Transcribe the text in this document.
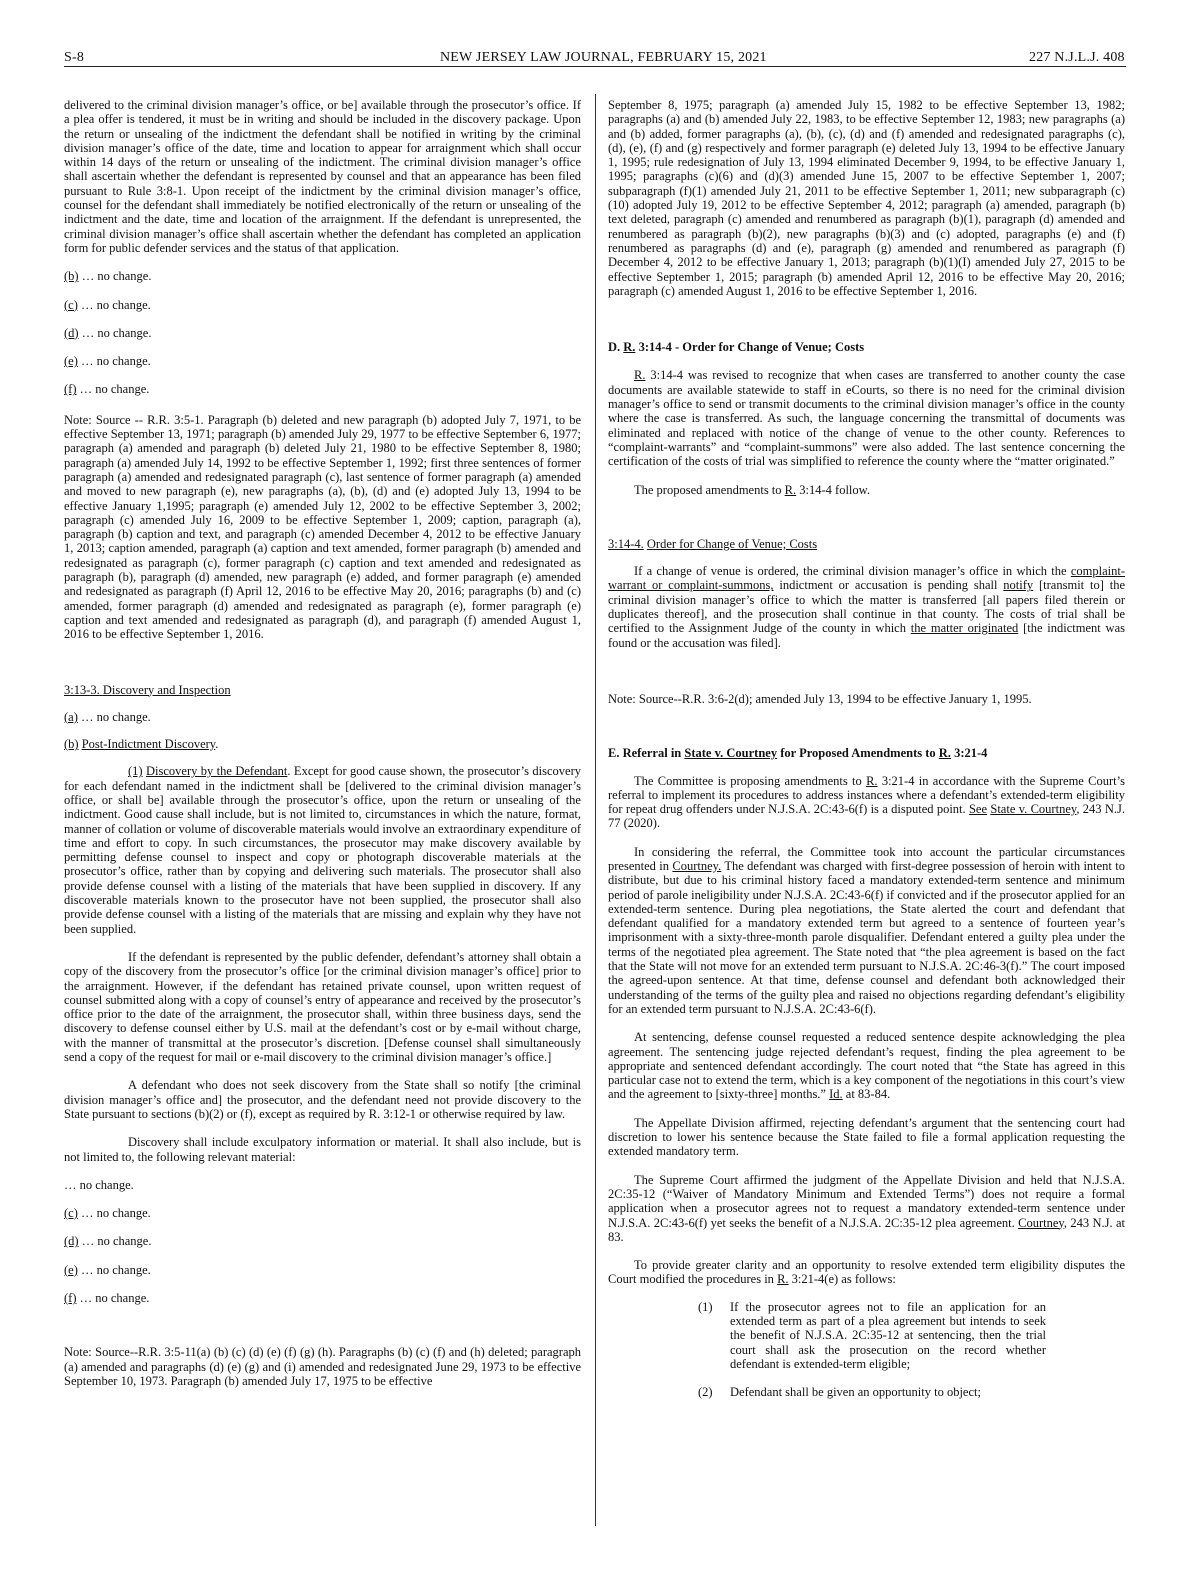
S-8	NEW JERSEY LAW JOURNAL, FEBRUARY 15, 2021	227 N.J.L.J. 408

delivered to the criminal division manager’s office, or be] available through the prosecutor’s office. If a plea offer is tendered, it must be in writing and should be included in the discovery package. Upon the return or unsealing of the indictment the defendant shall be notified in writing by the criminal division manager’s office of the date, time and location to appear for arraignment which shall occur within 14 days of the return or unsealing of the indictment. The criminal division manager’s office shall ascertain whether the defendant is represented by counsel and that an appearance has been filed pursuant to Rule 3:8-1. Upon receipt of the indictment by the criminal division manager’s office, counsel for the defendant shall immediately be notified electronically of the return or unsealing of the indictment and the date, time and location of the arraignment. If the defendant is unrepresented, the criminal division manager’s office shall ascertain whether the defendant has completed an application form for public defender services and the status of that application.

(b) … no change.

(c) … no change.

(d) … no change.

(e) … no change.

(f) … no change.

Note: Source -- R.R. 3:5-1. Paragraph (b) deleted and new paragraph (b) adopted July 7, 1971, to be effective September 13, 1971; paragraph (b) amended July 29, 1977 to be effective September 6, 1977; paragraph (a) amended and paragraph (b) deleted July 21, 1980 to be effective September 8, 1980; paragraph (a) amended July 14, 1992 to be effective September 1, 1992; first three sentences of former paragraph (a) amended and redesignated paragraph (c), last sentence of former paragraph (a) amended and moved to new paragraph (e), new paragraphs (a), (b), (d) and (e) adopted July 13, 1994 to be effective January 1,1995; paragraph (e) amended July 12, 2002 to be effective September 3, 2002; paragraph (c) amended July 16, 2009 to be effective September 1, 2009; caption, paragraph (a), paragraph (b) caption and text, and paragraph (c) amended December 4, 2012 to be effective January 1, 2013; caption amended, paragraph (a) caption and text amended, former paragraph (b) amended and redesignated as paragraph (c), former paragraph (c) caption and text amended and redesignated as paragraph (b), paragraph (d) amended, new paragraph (e) added, and former paragraph (e) amended and redesignated as paragraph (f) April 12, 2016 to be effective May 20, 2016; paragraphs (b) and (c) amended, former paragraph (d) amended and redesignated as paragraph (e), former paragraph (e) caption and text amended and redesignated as paragraph (d), and paragraph (f) amended August 1, 2016 to be effective September 1, 2016.

3:13-3. Discovery and Inspection

(a) … no change.

(b) Post-Indictment Discovery.

(1) Discovery by the Defendant. Except for good cause shown, the prosecutor’s discovery for each defendant named in the indictment shall be [delivered to the criminal division manager’s office, or shall be] available through the prosecutor’s office, upon the return or unsealing of the indictment. Good cause shall include, but is not limited to, circumstances in which the nature, format, manner of collation or volume of discoverable materials would involve an extraordinary expenditure of time and effort to copy. In such circumstances, the prosecutor may make discovery available by permitting defense counsel to inspect and copy or photograph discoverable materials at the prosecutor’s office, rather than by copying and delivering such materials. The prosecutor shall also provide defense counsel with a listing of the materials that have been supplied in discovery. If any discoverable materials known to the prosecutor have not been supplied, the prosecutor shall also provide defense counsel with a listing of the materials that are missing and explain why they have not been supplied.

If the defendant is represented by the public defender, defendant’s attorney shall obtain a copy of the discovery from the prosecutor’s office [or the criminal division manager’s office] prior to the arraignment. However, if the defendant has retained private counsel, upon written request of counsel submitted along with a copy of counsel’s entry of appearance and received by the prosecutor’s office prior to the date of the arraignment, the prosecutor shall, within three business days, send the discovery to defense counsel either by U.S. mail at the defendant’s cost or by e-mail without charge, with the manner of transmittal at the prosecutor’s discretion. [Defense counsel shall simultaneously send a copy of the request for mail or e-mail discovery to the criminal division manager’s office.]

A defendant who does not seek discovery from the State shall so notify [the criminal division manager’s office and] the prosecutor, and the defendant need not provide discovery to the State pursuant to sections (b)(2) or (f), except as required by R. 3:12-1 or otherwise required by law.

Discovery shall include exculpatory information or material. It shall also include, but is not limited to, the following relevant material:

… no change.

(c) … no change.

(d) … no change.

(e) … no change.

(f) … no change.

Note: Source--R.R. 3:5-11(a) (b) (c) (d) (e) (f) (g) (h). Paragraphs (b) (c) (f) and (h) deleted; paragraph (a) amended and paragraphs (d) (e) (g) and (i) amended and redesignated June 29, 1973 to be effective September 10, 1973. Paragraph (b) amended July 17, 1975 to be effective

September 8, 1975; paragraph (a) amended July 15, 1982 to be effective September 13, 1982; paragraphs (a) and (b) amended July 22, 1983, to be effective September 12, 1983; new paragraphs (a) and (b) added, former paragraphs (a), (b), (c), (d) and (f) amended and redesignated paragraphs (c), (d), (e), (f) and (g) respectively and former paragraph (e) deleted July 13, 1994 to be effective January 1, 1995; rule redesignation of July 13, 1994 eliminated December 9, 1994, to be effective January 1, 1995; paragraphs (c)(6) and (d)(3) amended June 15, 2007 to be effective September 1, 2007; subparagraph (f)(1) amended July 21, 2011 to be effective September 1, 2011; new subparagraph (c)(10) adopted July 19, 2012 to be effective September 4, 2012; paragraph (a) amended, paragraph (b) text deleted, paragraph (c) amended and renumbered as paragraph (b)(1), paragraph (d) amended and renumbered as paragraph (b)(2), new paragraphs (b)(3) and (c) adopted, paragraphs (e) and (f) renumbered as paragraphs (d) and (e), paragraph (g) amended and renumbered as paragraph (f) December 4, 2012 to be effective January 1, 2013; paragraph (b)(1)(I) amended July 27, 2015 to be effective September 1, 2015; paragraph (b) amended April 12, 2016 to be effective May 20, 2016; paragraph (c) amended August 1, 2016 to be effective September 1, 2016.

D. R. 3:14-4 - Order for Change of Venue; Costs

R. 3:14-4 was revised to recognize that when cases are transferred to another county the case documents are available statewide to staff in eCourts, so there is no need for the criminal division manager’s office to send or transmit documents to the criminal division manager’s office in the county where the case is transferred. As such, the language concerning the transmittal of documents was eliminated and replaced with notice of the change of venue to the other county. References to “complaint-warrants” and “complaint-summons” were also added. The last sentence concerning the certification of the costs of trial was simplified to reference the county where the “matter originated.”

The proposed amendments to R. 3:14-4 follow.

3:14-4. Order for Change of Venue; Costs

If a change of venue is ordered, the criminal division manager’s office in which the complaint-warrant or complaint-summons, indictment or accusation is pending shall notify [transmit to] the criminal division manager’s office to which the matter is transferred [all papers filed therein or duplicates thereof], and the prosecution shall continue in that county. The costs of trial shall be certified to the Assignment Judge of the county in which the matter originated [the indictment was found or the accusation was filed].

Note: Source--R.R. 3:6-2(d); amended July 13, 1994 to be effective January 1, 1995.

E. Referral in State v. Courtney for Proposed Amendments to R. 3:21-4

The Committee is proposing amendments to R. 3:21-4 in accordance with the Supreme Court’s referral to implement its procedures to address instances where a defendant’s extended-term eligibility for repeat drug offenders under N.J.S.A. 2C:43-6(f) is a disputed point. See State v. Courtney, 243 N.J. 77 (2020).

In considering the referral, the Committee took into account the particular circumstances presented in Courtney. The defendant was charged with first-degree possession of heroin with intent to distribute, but due to his criminal history faced a mandatory extended-term sentence and minimum period of parole ineligibility under N.J.S.A. 2C:43-6(f) if convicted and if the prosecutor applied for an extended-term sentence. During plea negotiations, the State alerted the court and defendant that defendant qualified for a mandatory extended term but agreed to a sentence of fourteen year’s imprisonment with a sixty-three-month parole disqualifier. Defendant entered a guilty plea under the terms of the negotiated plea agreement. The State noted that “the plea agreement is based on the fact that the State will not move for an extended term pursuant to N.J.S.A. 2C:46-3(f).” The court imposed the agreed-upon sentence. At that time, defense counsel and defendant both acknowledged their understanding of the terms of the guilty plea and raised no objections regarding defendant’s eligibility for an extended term pursuant to N.J.S.A. 2C:43-6(f).

At sentencing, defense counsel requested a reduced sentence despite acknowledging the plea agreement. The sentencing judge rejected defendant’s request, finding the plea agreement to be appropriate and sentenced defendant accordingly. The court noted that “the State has agreed in this particular case not to extend the term, which is a key component of the negotiations in this court’s view and the agreement to [sixty-three] months.” Id. at 83-84.

The Appellate Division affirmed, rejecting defendant’s argument that the sentencing court had discretion to lower his sentence because the State failed to file a formal application requesting the extended mandatory term.

The Supreme Court affirmed the judgment of the Appellate Division and held that N.J.S.A. 2C:35-12 (“Waiver of Mandatory Minimum and Extended Terms”) does not require a formal application when a prosecutor agrees not to request a mandatory extended-term sentence under N.J.S.A. 2C:43-6(f) yet seeks the benefit of a N.J.S.A. 2C:35-12 plea agreement. Courtney, 243 N.J. at 83.

To provide greater clarity and an opportunity to resolve extended term eligibility disputes the Court modified the procedures in R. 3:21-4(e) as follows:

(1)	If the prosecutor agrees not to file an application for an extended term as part of a plea agreement but intends to seek the benefit of N.J.S.A. 2C:35-12 at sentencing, then the trial court shall ask the prosecution on the record whether defendant is extended-term eligible;

(2)	Defendant shall be given an opportunity to object;
